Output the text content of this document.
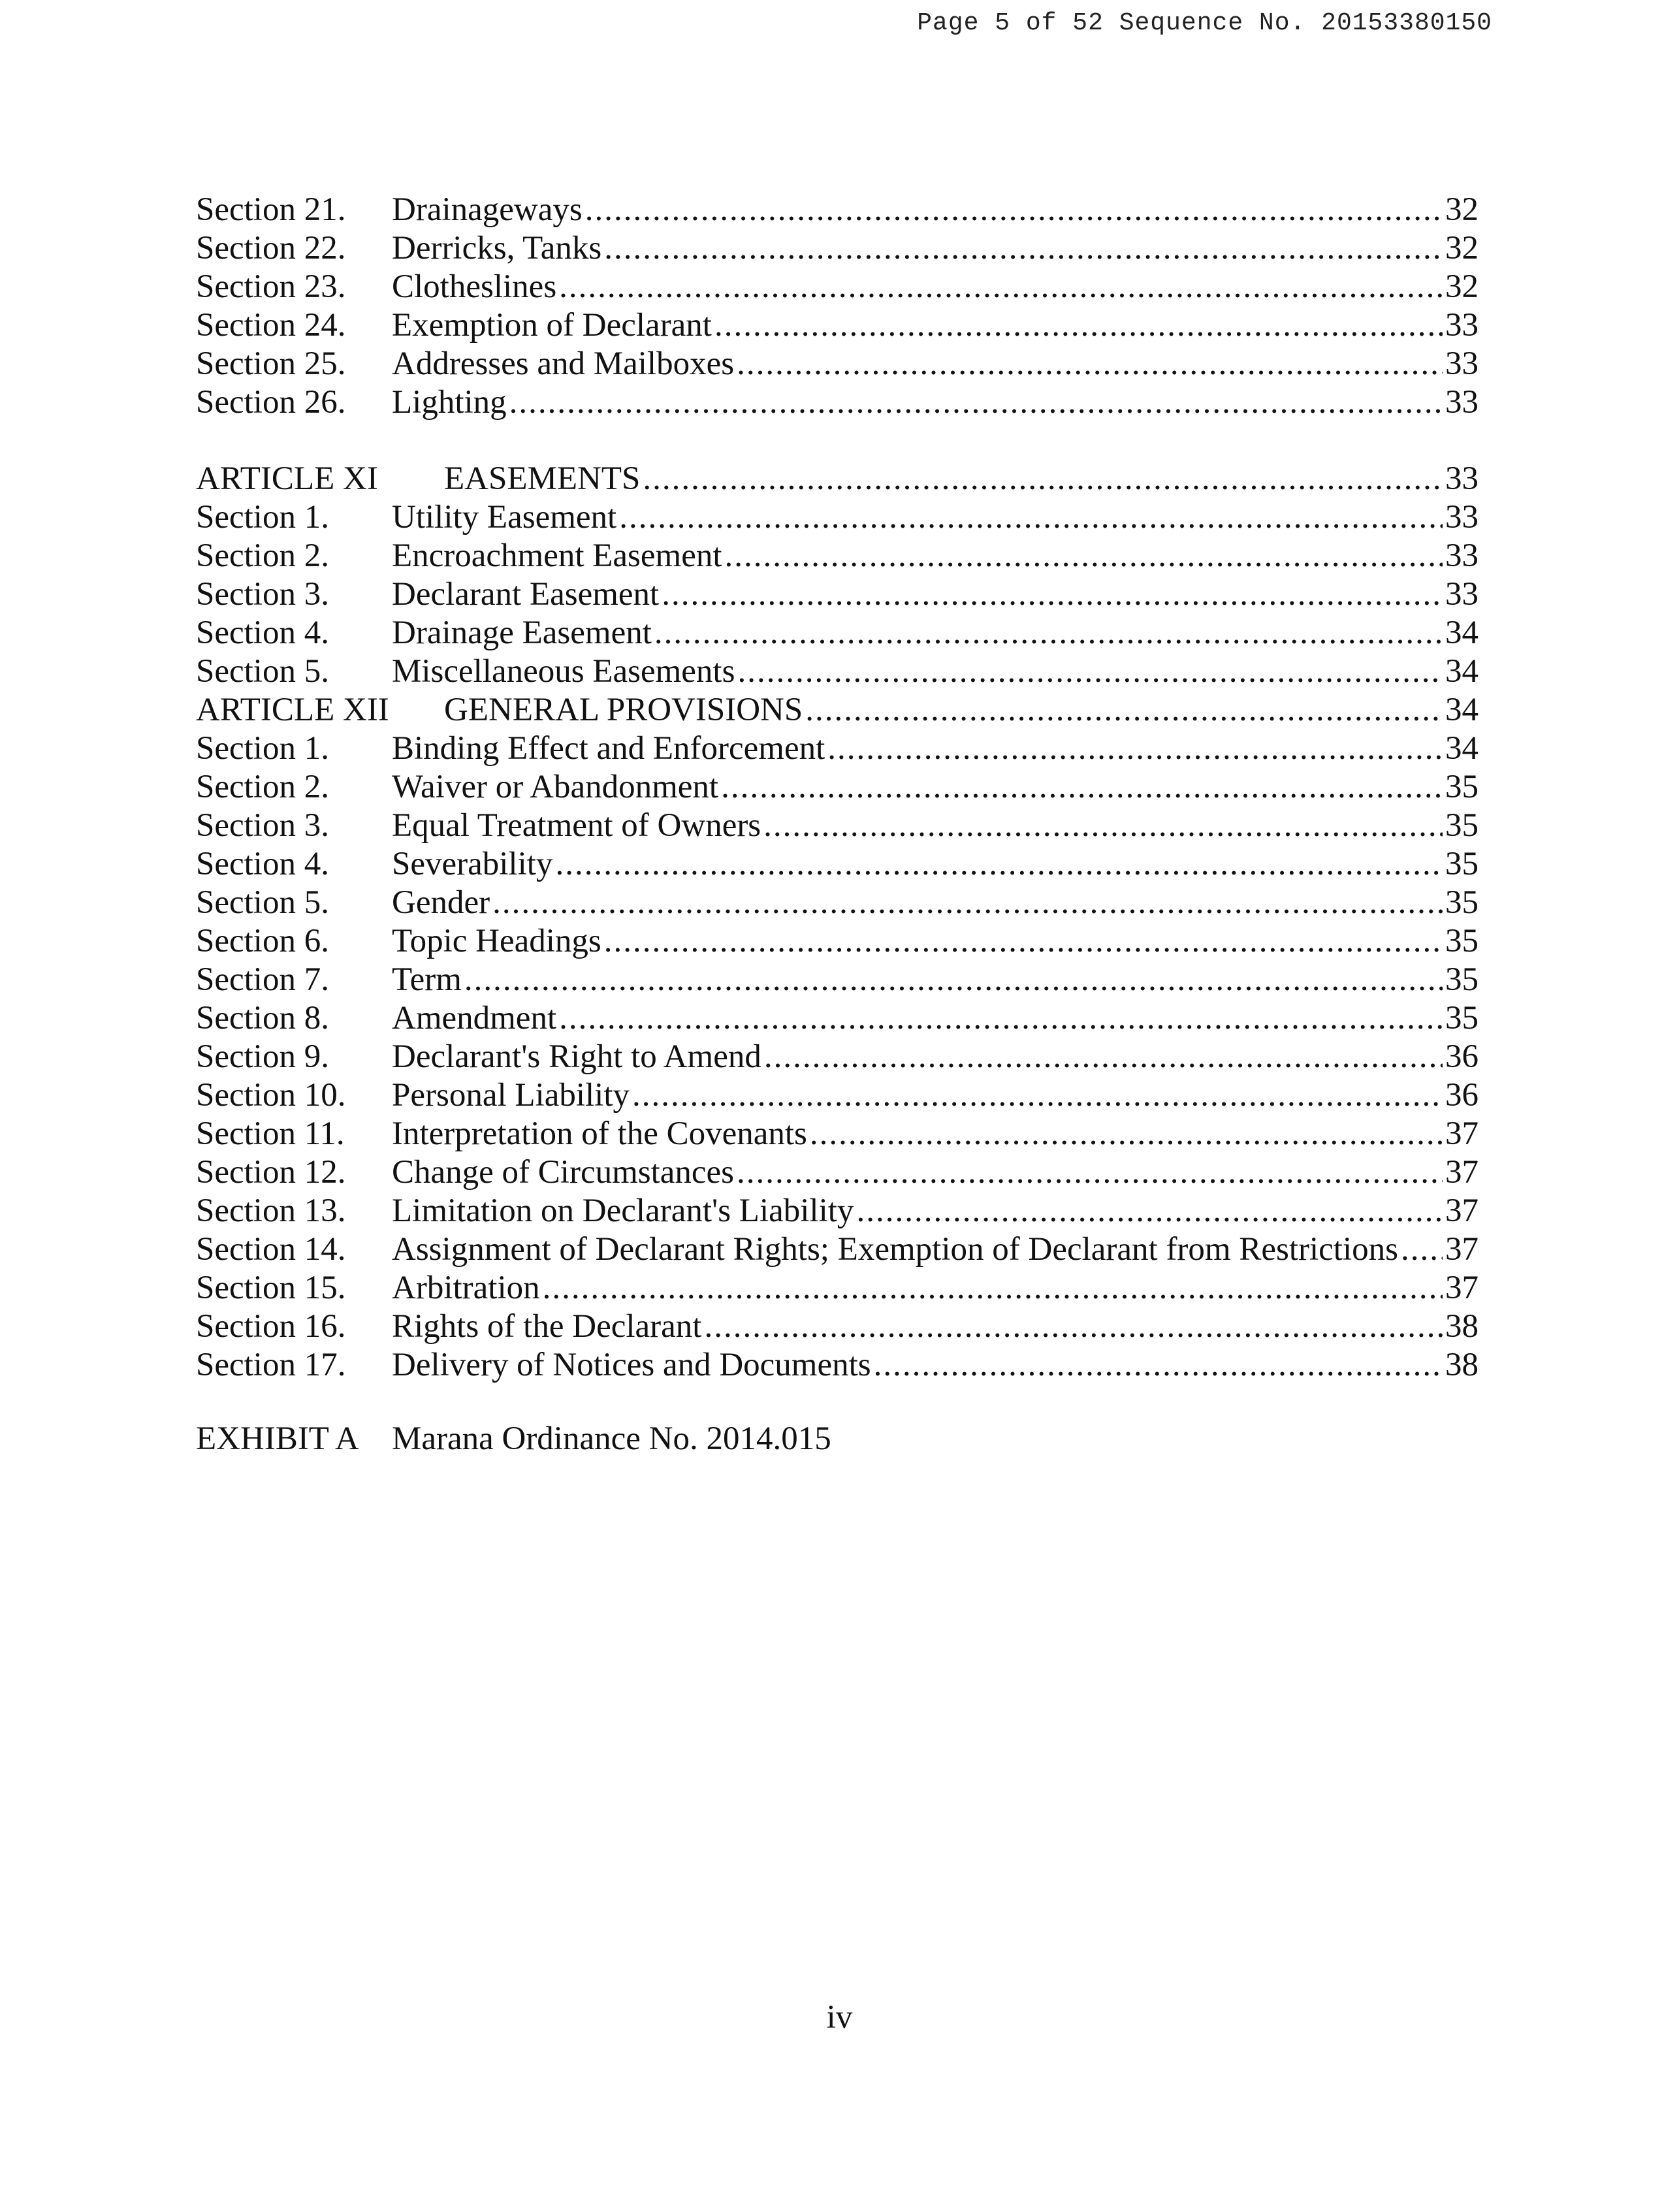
Page 5 of 52 Sequence No. 20153380150
Section 21.	Drainageways .....	32
Section 22.	Derricks, Tanks .....	32
Section 23.	Clotheslines .....	32
Section 24.	Exemption of Declarant .....	33
Section 25.	Addresses and Mailboxes .....	33
Section 26.	Lighting .....	33
ARTICLE XI	EASEMENTS .....	33
Section 1.	Utility Easement .....	33
Section 2.	Encroachment Easement .....	33
Section 3.	Declarant Easement .....	33
Section 4.	Drainage Easement .....	34
Section 5.	Miscellaneous Easements .....	34
ARTICLE XII	GENERAL PROVISIONS .....	34
Section 1.	Binding Effect and Enforcement .....	34
Section 2.	Waiver or Abandonment .....	35
Section 3.	Equal Treatment of Owners .....	35
Section 4.	Severability .....	35
Section 5.	Gender .....	35
Section 6.	Topic Headings .....	35
Section 7.	Term .....	35
Section 8.	Amendment .....	35
Section 9.	Declarant's Right to Amend .....	36
Section 10.	Personal Liability .....	36
Section 11.	Interpretation of the Covenants .....	37
Section 12.	Change of Circumstances .....	37
Section 13.	Limitation on Declarant's Liability .....	37
Section 14.	Assignment of Declarant Rights; Exemption of Declarant from Restrictions ..... 37
Section 15.	Arbitration .....	37
Section 16.	Rights of the Declarant .....	38
Section 17.	Delivery of Notices and Documents .....	38
EXHIBIT A Marana Ordinance No. 2014.015
iv
